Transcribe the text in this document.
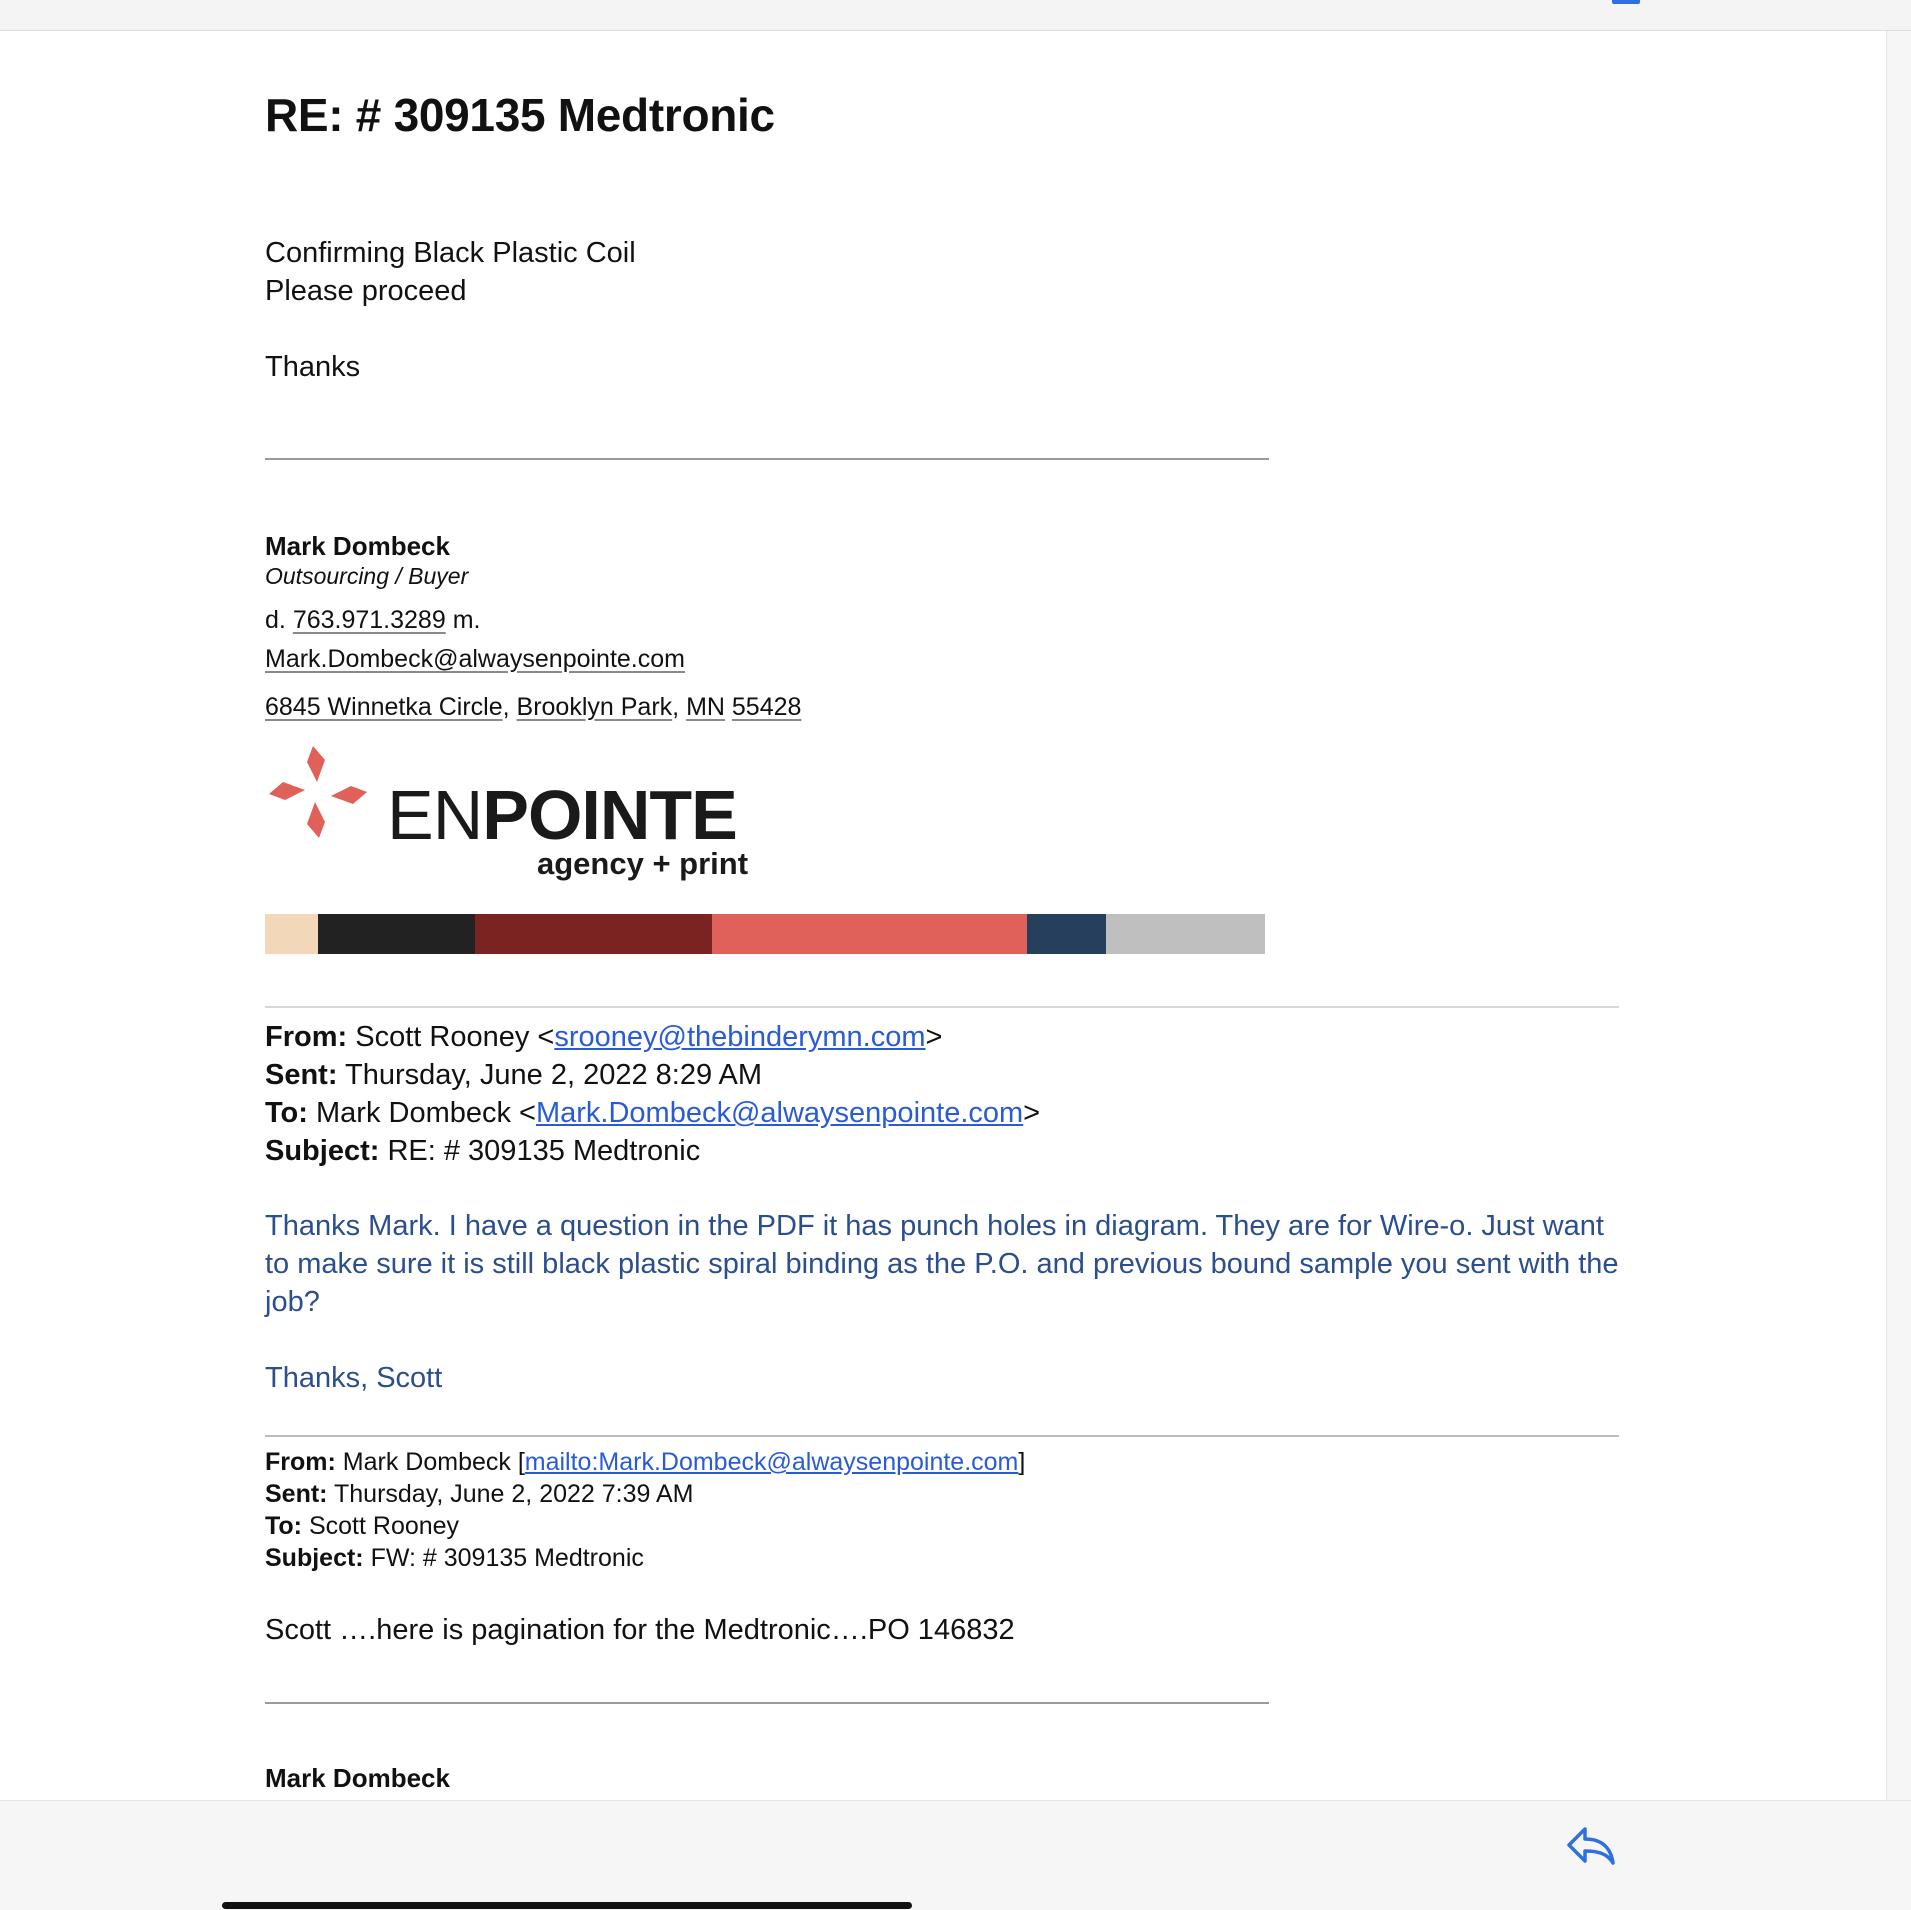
RE: # 309135 Medtronic
Confirming Black Plastic Coil
Please proceed
Thanks
Mark Dombeck
Outsourcing / Buyer
d. 763.971.3289 m.
Mark.Dombeck@alwaysenpointe.com
6845 Winnetka Circle, Brooklyn Park, MN 55428
ENPOINTE
agency + print
From: Scott Rooney <srooney@thebinderymn.com>
Sent: Thursday, June 2, 2022 8:29 AM
To: Mark Dombeck <Mark.Dombeck@alwaysenpointe.com>
Subject: RE: # 309135 Medtronic
Thanks Mark. I have a question in the PDF it has punch holes in diagram. They are for Wire-o. Just want to make sure it is still black plastic spiral binding as the P.O. and previous bound sample you sent with the job?
Thanks, Scott
From: Mark Dombeck [mailto:Mark.Dombeck@alwaysenpointe.com]
Sent: Thursday, June 2, 2022 7:39 AM
To: Scott Rooney
Subject: FW: # 309135 Medtronic
Scott ….here is pagination for the Medtronic….PO 146832
Mark Dombeck
